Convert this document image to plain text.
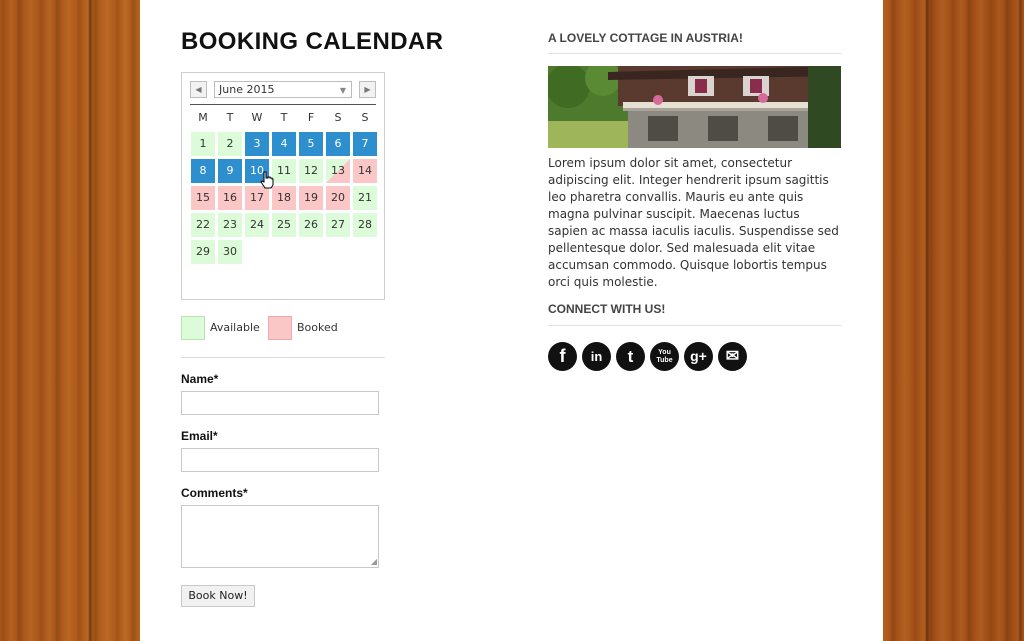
BOOKING CALENDAR
◀	June 2015	▼	▶
M	T	W	T	F	S	S
1	2	3	4	5	6	7
8	9	10	11	12	13	14
15	16	17	18	19	20	21
22	23	24	25	26	27	28
29	30
Available	Booked
Name*
Email*
Comments*
◢
Book Now!
A LOVELY COTTAGE IN AUSTRIA!

Lorem ipsum dolor sit amet, consectetur adipiscing elit. Integer hendrerit ipsum sagittis leo pharetra convallis. Mauris eu ante quis magna pulvinar suscipit. Maecenas luctus sapien ac massa iaculis iaculis. Suspendisse sed pellentesque dolor. Sed malesuada elit vitae accumsan commodo. Quisque lobortis tempus orci quis molestie.

CONNECT WITH US!
f	in	t	You Tube	g+	✉
